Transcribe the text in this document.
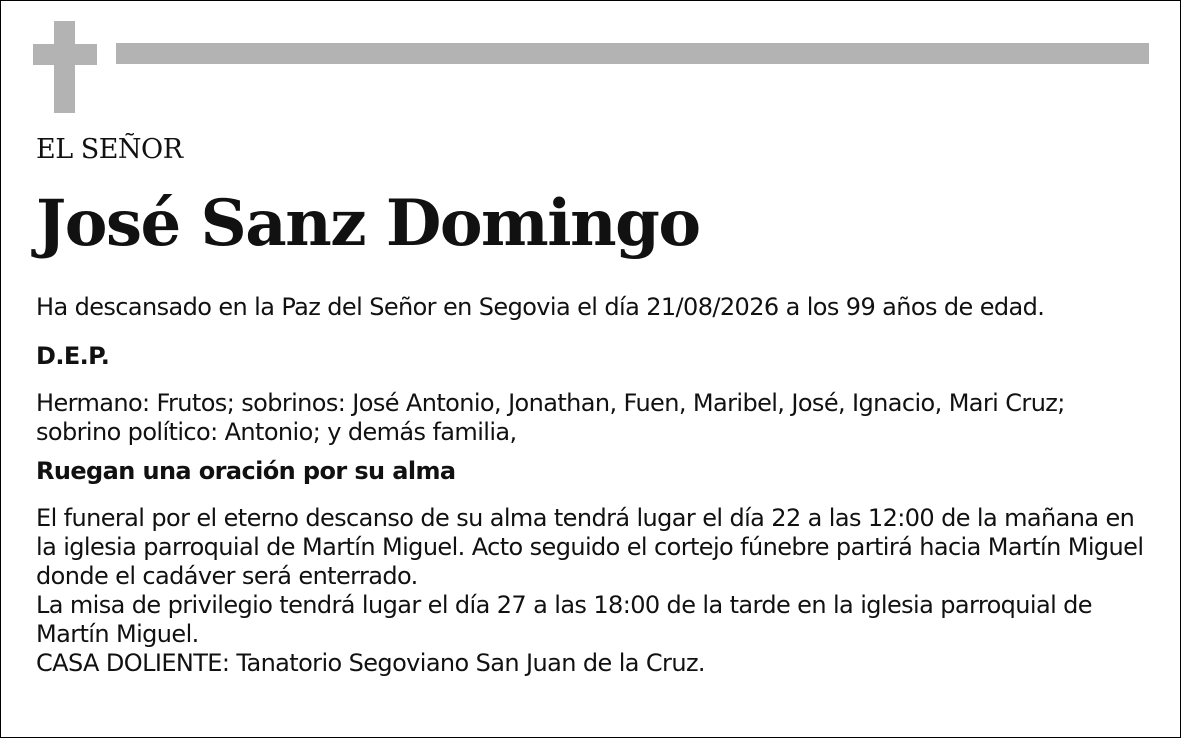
EL SEÑOR
José Sanz Domingo

Ha descansado en la Paz del Señor en Segovia el día 21/08/2026 a los 99 años de edad.

D.E.P.

Hermano: Frutos; sobrinos: José Antonio, Jonathan, Fuen, Maribel, José, Ignacio, Mari Cruz; sobrino político: Antonio; y demás familia,

Ruegan una oración por su alma

El funeral por el eterno descanso de su alma tendrá lugar el día 22 a las 12:00 de la mañana en la iglesia parroquial de Martín Miguel. Acto seguido el cortejo fúnebre partirá hacia Martín Miguel donde el cadáver será enterrado.

La misa de privilegio tendrá lugar el día 27 a las 18:00 de la tarde en la iglesia parroquial de Martín Miguel.

CASA DOLIENTE: Tanatorio Segoviano San Juan de la Cruz.
